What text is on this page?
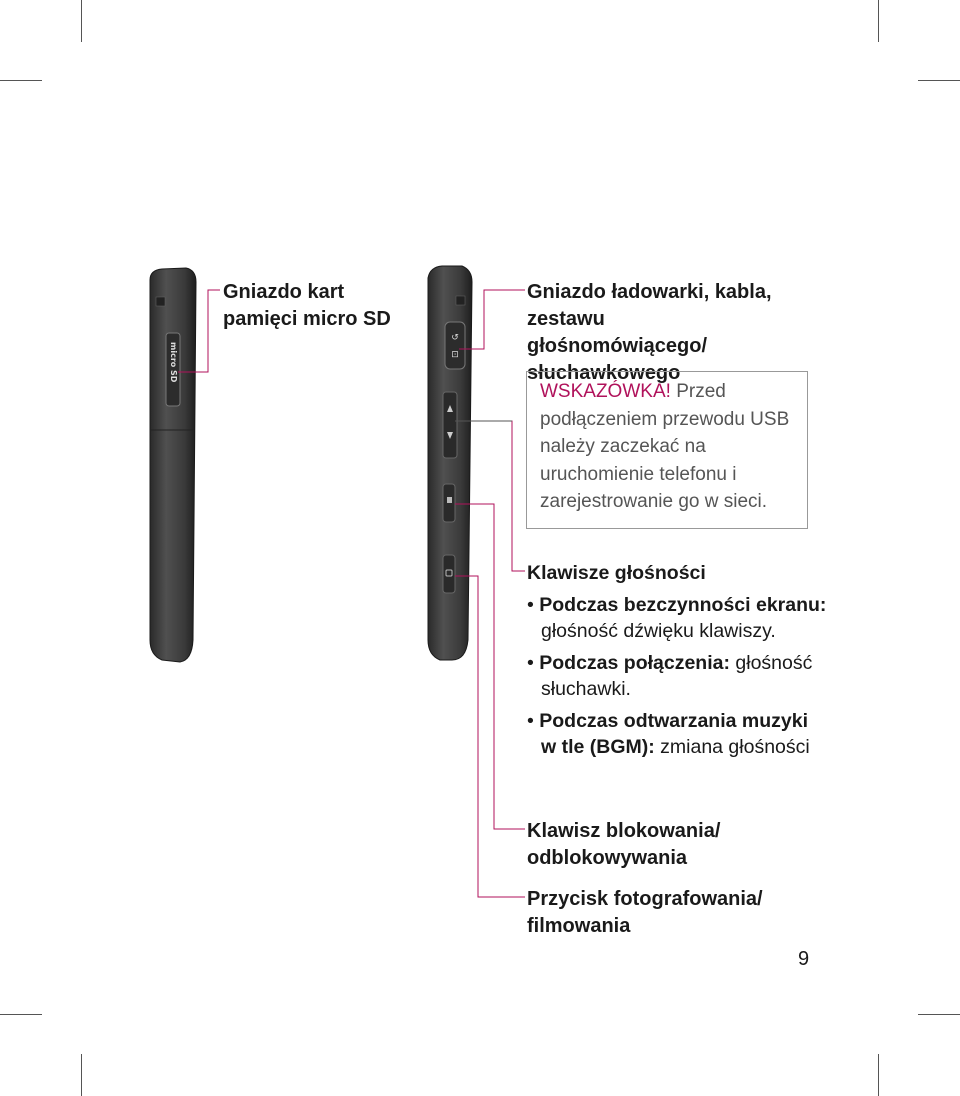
micro SD
↺
⊡
Gniazdo kart pamięci micro SD
Gniazdo ładowarki, kabla, zestawu głośnomówiącego/ słuchawkowego
WSKAZÓWKA! Przed podłączeniem przewodu USB należy zaczekać na uruchomienie telefonu i zarejestrowanie go w sieci.
Klawisze głośności
• Podczas bezczynności ekranu: głośność dźwięku klawiszy.
• Podczas połączenia: głośność słuchawki.
• Podczas odtwarzania muzyki w tle (BGM): zmiana głośności
Klawisz blokowania/ odblokowywania
Przycisk fotografowania/ filmowania
9
